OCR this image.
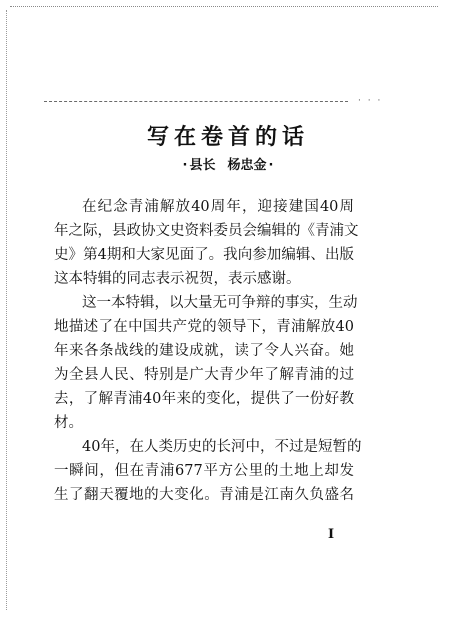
· · ·
写在卷首的话
· 县长 杨忠金 ·
在纪念青浦解放40周年，迎接建国40周
年之际，县政协文史资料委员会编辑的《青浦文
史》第4期和大家见面了。我向参加编辑、出版
这本特辑的同志表示祝贺，表示感谢。
这一本特辑，以大量无可争辩的事实，生动
地描述了在中国共产党的领导下，青浦解放40
年来各条战线的建设成就，读了令人兴奋。她
为全县人民、特别是广大青少年了解青浦的过
去，了解青浦40年来的变化，提供了一份好教
材。
40年，在人类历史的长河中，不过是短暂的
一瞬间，但在青浦677平方公里的土地上却发
生了翻天覆地的大变化。青浦是江南久负盛名
I
